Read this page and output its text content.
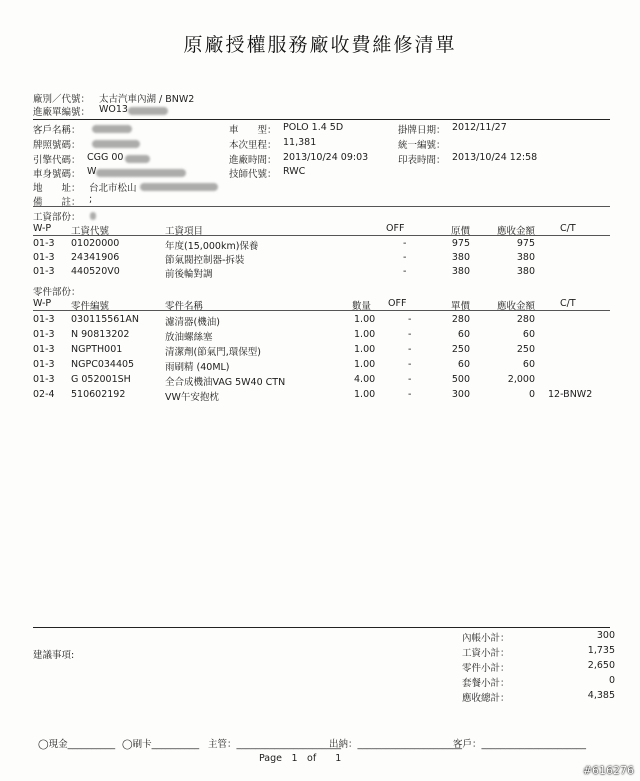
原廠授權服務廠收費維修清單
廠別／代號： 太古汽車內湖 / BNW2
進廠單編號： WO13
客戶名稱：
牌照號碼：
引擎代碼： CGG 00
車身號碼： W
地　　址： 台北市松山
備　　註： ;
車　　型： POLO 1.4 5D
本次里程： 11,381
進廠時間： 2013/10/24 09:03
技師代號： RWC
掛牌日期： 2012/11/27
統一編號：
印表時間： 2013/10/24 12:58
工資部份：
W-P 工資代號	工資項目	OFF	原價	應收金額	C/T
01-3 01020000	年度(15,000km)保養	-	975	975
01-3 24341906	節氣閥控制器-拆裝	-	380	380
01-3 440520V0	前後輪對調	-	380	380
零件部份：
W-P 零件編號	零件名稱	數量 OFF	單價	應收金額	C/T
01-3 030115561AN	濾清器(機油)	1.00	-	280	280
01-3 N 90813202	放油螺絲塞	1.00	-	60	60
01-3 NGPTH001	清潔劑(節氣門,環保型)	1.00	-	250	250
01-3 NGPC034405	雨刷精 (40ML)	1.00	-	60	60
01-3 G 052001SH	全合成機油VAG 5W40 CTN	4.00	-	500	2,000
02-4 510602192	VW午安抱枕	1.00	-	300	0 12-BNW2
建議事項:
內帳小計：	300
工資小計：	1,735
零件小計：	2,650
套餐小計：	0
應收總計：	4,385
◯現金__________ ◯刷卡__________ 主管：______________________
出納：______________________
客戶：______________________
Page　1　of　　1
#616276
